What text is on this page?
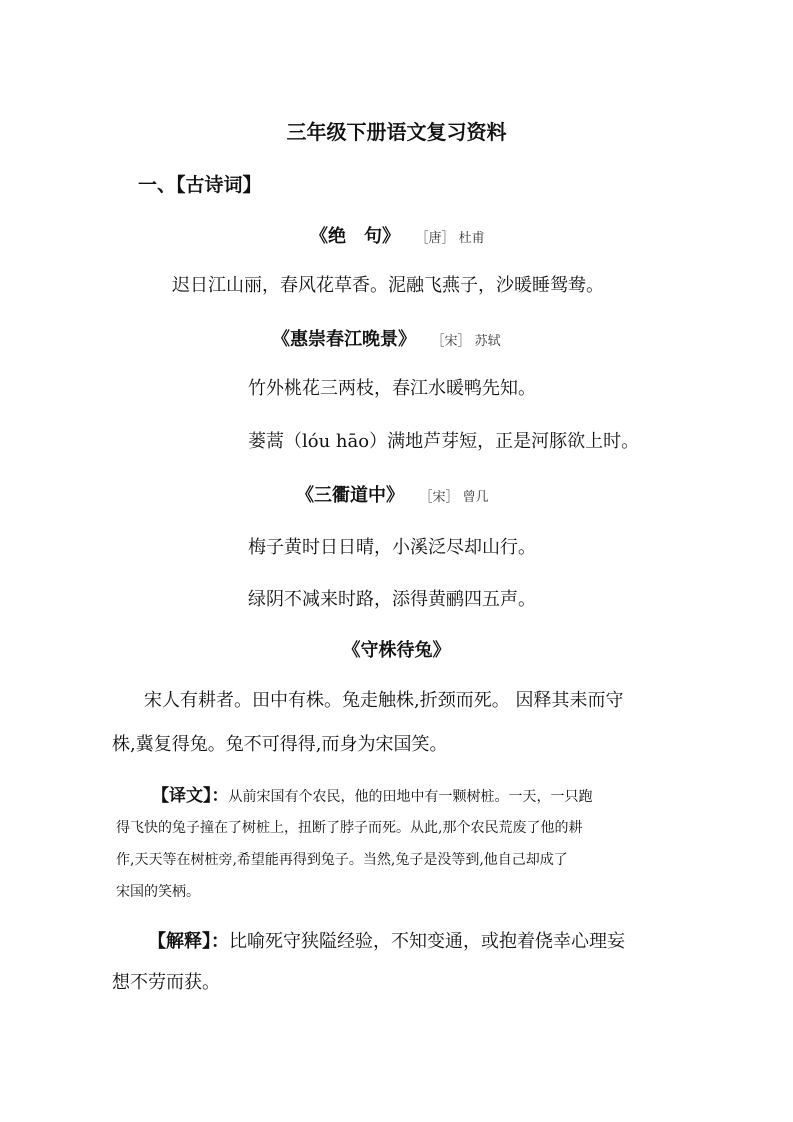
三年级下册语文复习资料
一、【古诗词】
《绝　句》 ［唐］ 杜甫
迟日江山丽，春风花草香。泥融飞燕子，沙暖睡鸳鸯。
《惠崇春江晚景》 ［宋］ 苏轼
竹外桃花三两枝，春江水暖鸭先知。
蒌蒿（lóu hāo）满地芦芽短，正是河豚欲上时。
《三衢道中》 ［宋］ 曾几
梅子黄时日日晴，小溪泛尽却山行。
绿阴不减来时路，添得黄鹂四五声。
《守株待兔》
宋人有耕者。田中有株。兔走触株,折颈而死。 因释其耒而守
株,冀复得兔。兔不可得得,而身为宋国笑。
【译文】：从前宋国有个农民，他的田地中有一颗树桩。一天，一只跑
得飞快的兔子撞在了树桩上，扭断了脖子而死。从此,那个农民荒废了他的耕
作,天天等在树桩旁,希望能再得到兔子。当然,兔子是没等到,他自己却成了
宋国的笑柄。
【解释】：比喻死守狭隘经验，不知变通，或抱着侥幸心理妄
想不劳而获。
